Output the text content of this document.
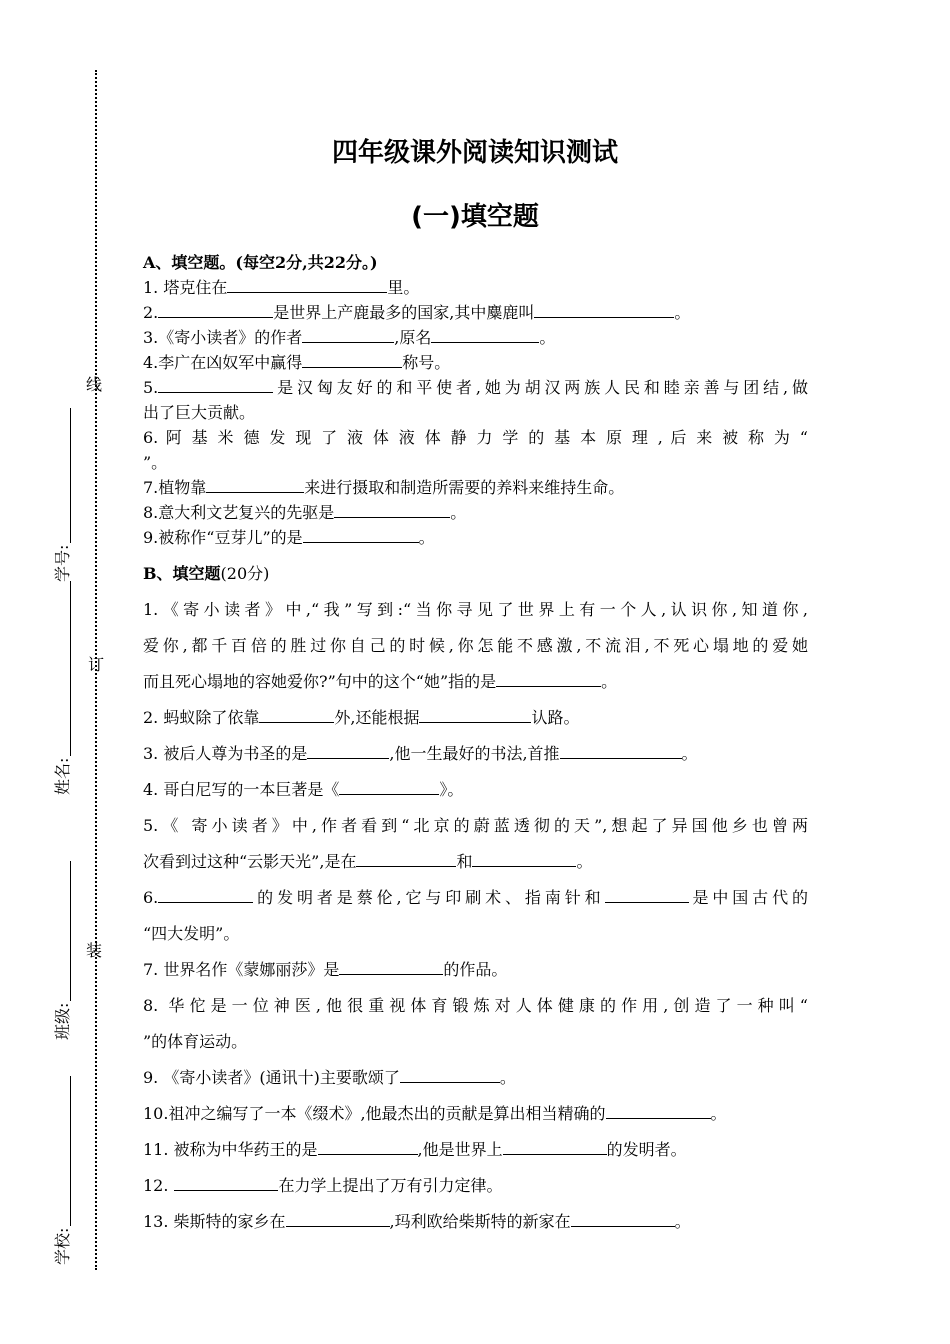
学校:
班级:
姓名:
学号:
装
订
线
四年级课外阅读知识测试
(一)填空题

A、填空题。(每空2分,共22分。)

1. 塔克住在	里。

2.	是世界上产鹿最多的国家,其中麋鹿叫	。

3.《寄小读者》的作者	,原名	。

4.李广在凶奴军中赢得	称号。

5.	是汉匈友好的和平使者,她为胡汉两族人民和睦亲善与团结,做

出了巨大贡献。

6. 阿 基 米 德 发 现 了 液 体 液 体 静 力 学 的 基 本 原 理 , 后 来 被 称 为 “

”。

7.植物靠	来进行摄取和制造所需要的养料来维持生命。

8.意大利文艺复兴的先驱是	。

9.被称作“豆芽儿”的是	。

B、填空题(20分)

1.《寄小读者》中,“我”写到:“当你寻见了世界上有一个人,认识你,知道你,

爱你,都千百倍的胜过你自己的时候,你怎能不感激,不流泪,不死心塌地的爱她

而且死心塌地的容她爱你?”句中的这个“她”指的是	。

2. 蚂蚁除了依靠	外,还能根据	认路。

3. 被后人尊为书圣的是	,他一生最好的书法,首推	。

4. 哥白尼写的一本巨著是《	》。

5.《 寄小读者》中,作者看到“北京的蔚蓝透彻的天”,想起了异国他乡也曾两

次看到过这种“云影天光”,是在	和	。

6.	的发明者是蔡伦,它与印刷术、指南针和	是中国古代的

“四大发明”。

7. 世界名作《蒙娜丽莎》是	的作品。

8. 华佗是一位神医,他很重视体育锻炼对人体健康的作用,创造了一种叫“

”的体育运动。

9. 《寄小读者》(通讯十)主要歌颂了	。

10.祖冲之编写了一本《缀术》,他最杰出的贡献是算出相当精确的	。

11. 被称为中华药王的是	,他是世界上	的发明者。

12.	在力学上提出了万有引力定律。

13. 柴斯特的家乡在	,玛利欧给柴斯特的新家在	。
